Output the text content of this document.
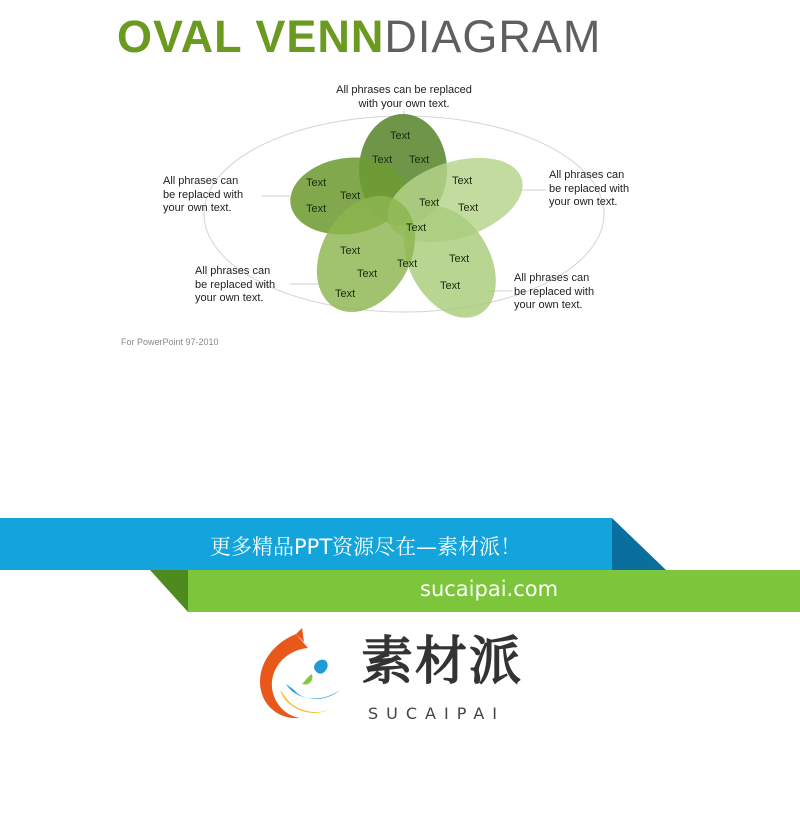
OVAL VENNDIAGRAM
Text
Text Text
Text
Text
Text
Text Text
Text
Text
Text
Text
Text
Text
Text
Text
All phrases can be replaced
with your own text.
All phrases can
be replaced with
your own text.
All phrases can
be replaced with
your own text.
All phrases can
be replaced with
your own text.
All phrases can
be replaced with
your own text.
For PowerPoint 97-2010
更多精品PPT资源尽在—素材派！
sucaipai.com
素材派
SUCAIPAI
